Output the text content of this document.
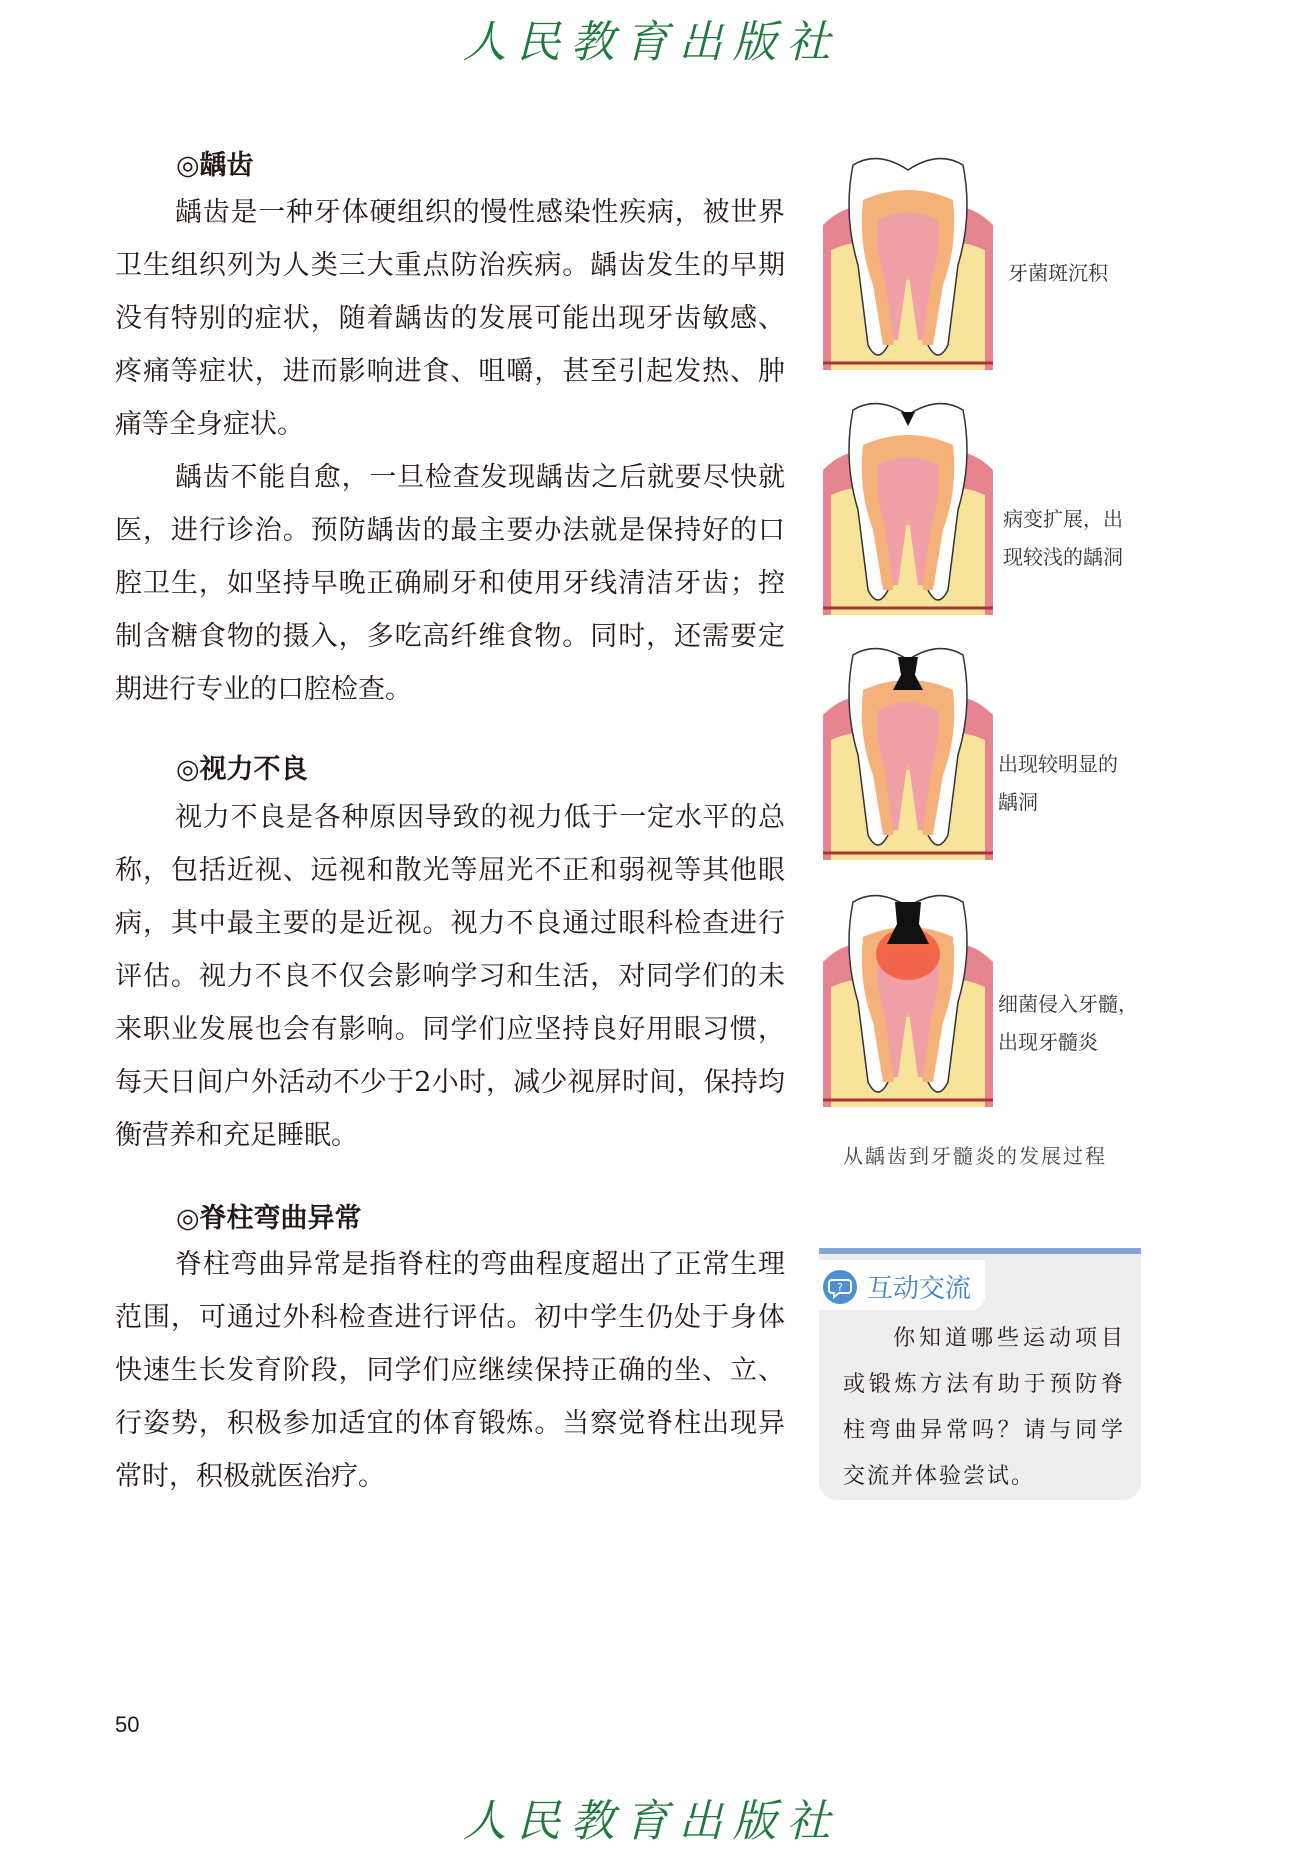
人民教育出版社
◎龋齿
龋齿是一种牙体硬组织的慢性感染性疾病，被世界卫生组织列为人类三大重点防治疾病。龋齿发生的早期没有特别的症状，随着龋齿的发展可能出现牙齿敏感、疼痛等症状，进而影响进食、咀嚼，甚至引起发热、肿痛等全身症状。
龋齿不能自愈，一旦检查发现龋齿之后就要尽快就医，进行诊治。预防龋齿的最主要办法就是保持好的口腔卫生，如坚持早晚正确刷牙和使用牙线清洁牙齿；控制含糖食物的摄入，多吃高纤维食物。同时，还需要定期进行专业的口腔检查。
◎视力不良
视力不良是各种原因导致的视力低于一定水平的总称，包括近视、远视和散光等屈光不正和弱视等其他眼病，其中最主要的是近视。视力不良通过眼科检查进行评估。视力不良不仅会影响学习和生活，对同学们的未来职业发展也会有影响。同学们应坚持良好用眼习惯，每天日间户外活动不少于2小时，减少视屏时间，保持均衡营养和充足睡眠。
◎脊柱弯曲异常
脊柱弯曲异常是指脊柱的弯曲程度超出了正常生理范围，可通过外科检查进行评估。初中学生仍处于身体快速生长发育阶段，同学们应继续保持正确的坐、立、行姿势，积极参加适宜的体育锻炼。当察觉脊柱出现异常时，积极就医治疗。
牙菌斑沉积
病变扩展，出
现较浅的龋洞
出现较明显的
龋洞
细菌侵入牙髓，
出现牙髓炎
从龋齿到牙髓炎的发展过程
? 互动交流
你知道哪些运动项目或锻炼方法有助于预防脊柱弯曲异常吗？请与同学交流并体验尝试。
50
人民教育出版社
